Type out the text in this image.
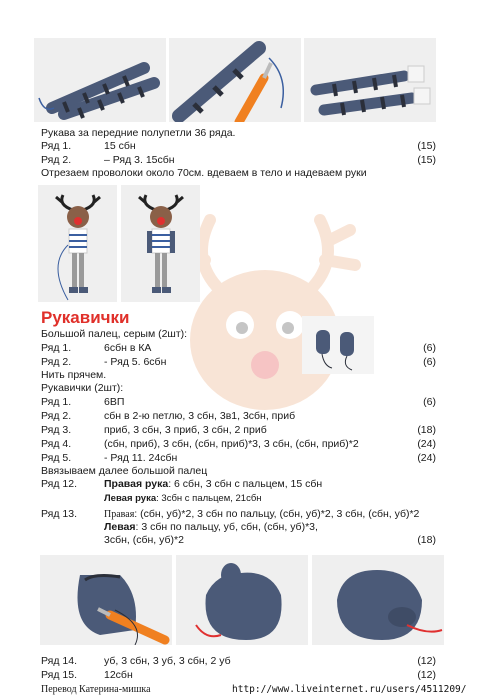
Рукава за передние полупетли 36 ряда.
Ряд 1.	15 сбн	(15)
Ряд 2.	– Ряд 3. 15сбн	(15)
Отрезаем проволоки около 70см. вдеваем в тело и надеваем руки
Рукавички
Большой палец, серым (2шт):
Ряд 1.	6сбн в КА	(6)
Ряд 2.	- Ряд 5. 6сбн	(6)
Нить прячем.
Рукавички (2шт):
Ряд 1.	6ВП	(6)
Ряд 2.	сбн в 2-ю петлю, 3 сбн, 3в1, 3сбн, приб
Ряд 3.	приб, 3 сбн, 3 приб, 3 сбн, 2 приб	(18)
Ряд 4.	(сбн, приб), 3 сбн, (сбн, приб)*3, 3 сбн, (сбн, приб)*2	(24)
Ряд 5.	- Ряд 11. 24сбн	(24)
Ввязываем далее большой палец
Ряд 12.	Правая рука: 6 сбн, 3 сбн с пальцем, 15 сбн
Левая рука: 3сбн с пальцем, 21сбн
Ряд 13.	Правая: (сбн, уб)*2, 3 сбн по пальцу, (сбн, уб)*2, 3 сбн, (сбн, уб)*2
Левая: 3 сбн по пальцу, уб, сбн, (сбн, уб)*3,
3сбн, (сбн, уб)*2	(18)
Ряд 14.	уб, 3 сбн, 3 уб, 3 сбн, 2 уб	(12)
Ряд 15.	12сбн	(12)
Перевод Катерина-мишка	http://www.liveinternet.ru/users/4511209/
